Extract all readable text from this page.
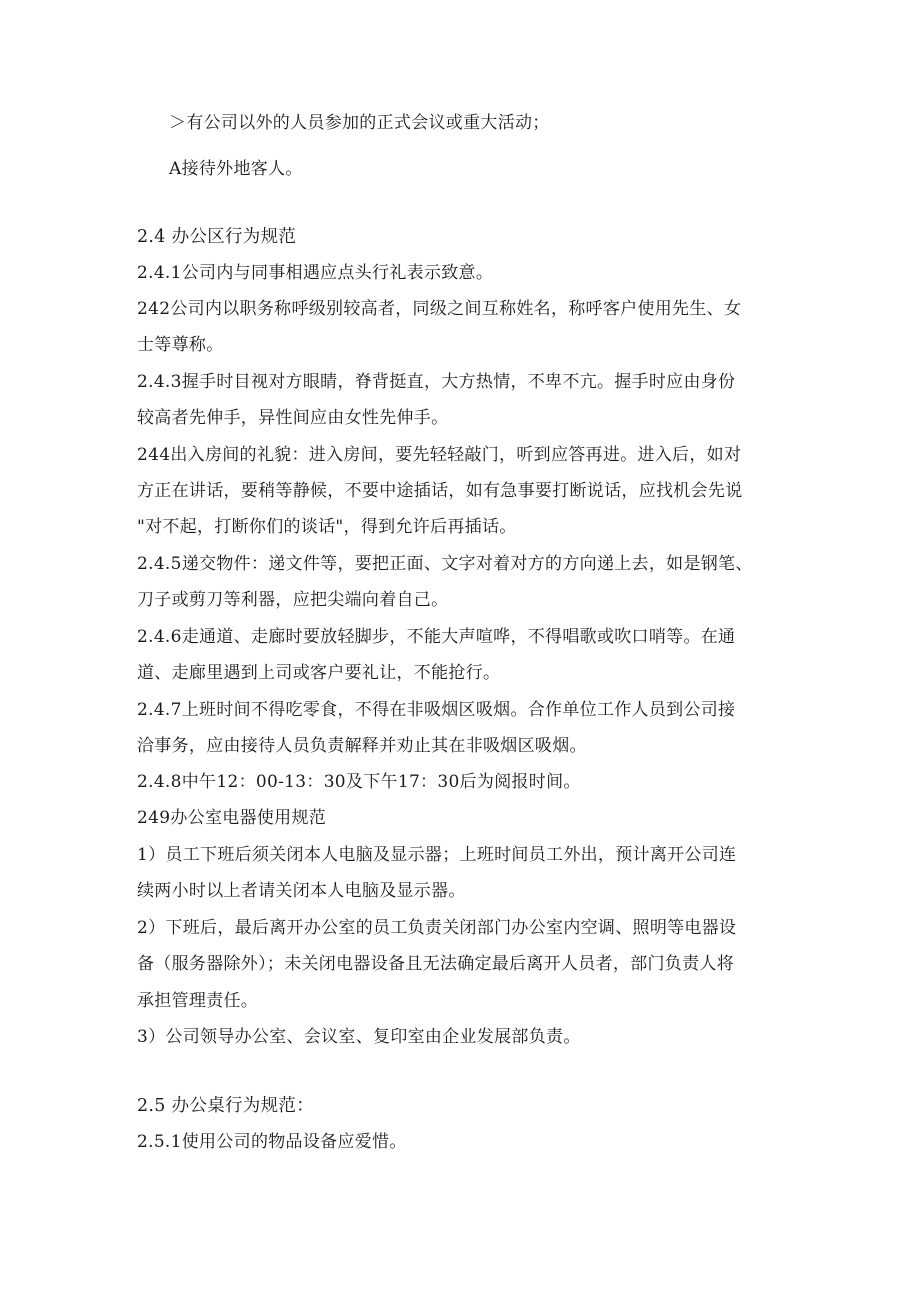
＞有公司以外的人员参加的正式会议或重大活动；
A接待外地客人。
2.4 办公区行为规范
2.4.1公司内与同事相遇应点头行礼表示致意。
242公司内以职务称呼级别较高者，同级之间互称姓名，称呼客户使用先生、女
士等尊称。
2.4.3握手时目视对方眼睛，脊背挺直，大方热情，不卑不亢。握手时应由身份
较高者先伸手，异性间应由女性先伸手。
244出入房间的礼貌：进入房间，要先轻轻敲门，听到应答再进。进入后，如对
方正在讲话，要稍等静候，不要中途插话，如有急事要打断说话，应找机会先说
"对不起，打断你们的谈话"，得到允许后再插话。
2.4.5递交物件：递文件等，要把正面、文字对着对方的方向递上去，如是钢笔、
刀子或剪刀等利器，应把尖端向着自己。
2.4.6走通道、走廊时要放轻脚步，不能大声喧哗，不得唱歌或吹口哨等。在通
道、走廊里遇到上司或客户要礼让，不能抢行。
2.4.7上班时间不得吃零食，不得在非吸烟区吸烟。合作单位工作人员到公司接
洽事务，应由接待人员负责解释并劝止其在非吸烟区吸烟。
2.4.8中午12：00-13：30及下午17：30后为阅报时间。
249办公室电器使用规范
1）员工下班后须关闭本人电脑及显示器；上班时间员工外出，预计离开公司连
续两小时以上者请关闭本人电脑及显示器。
2）下班后，最后离开办公室的员工负责关闭部门办公室内空调、照明等电器设
备（服务器除外）；未关闭电器设备且无法确定最后离开人员者，部门负责人将
承担管理责任。
3）公司领导办公室、会议室、复印室由企业发展部负责。
2.5 办公桌行为规范：
2.5.1使用公司的物品设备应爱惜。
